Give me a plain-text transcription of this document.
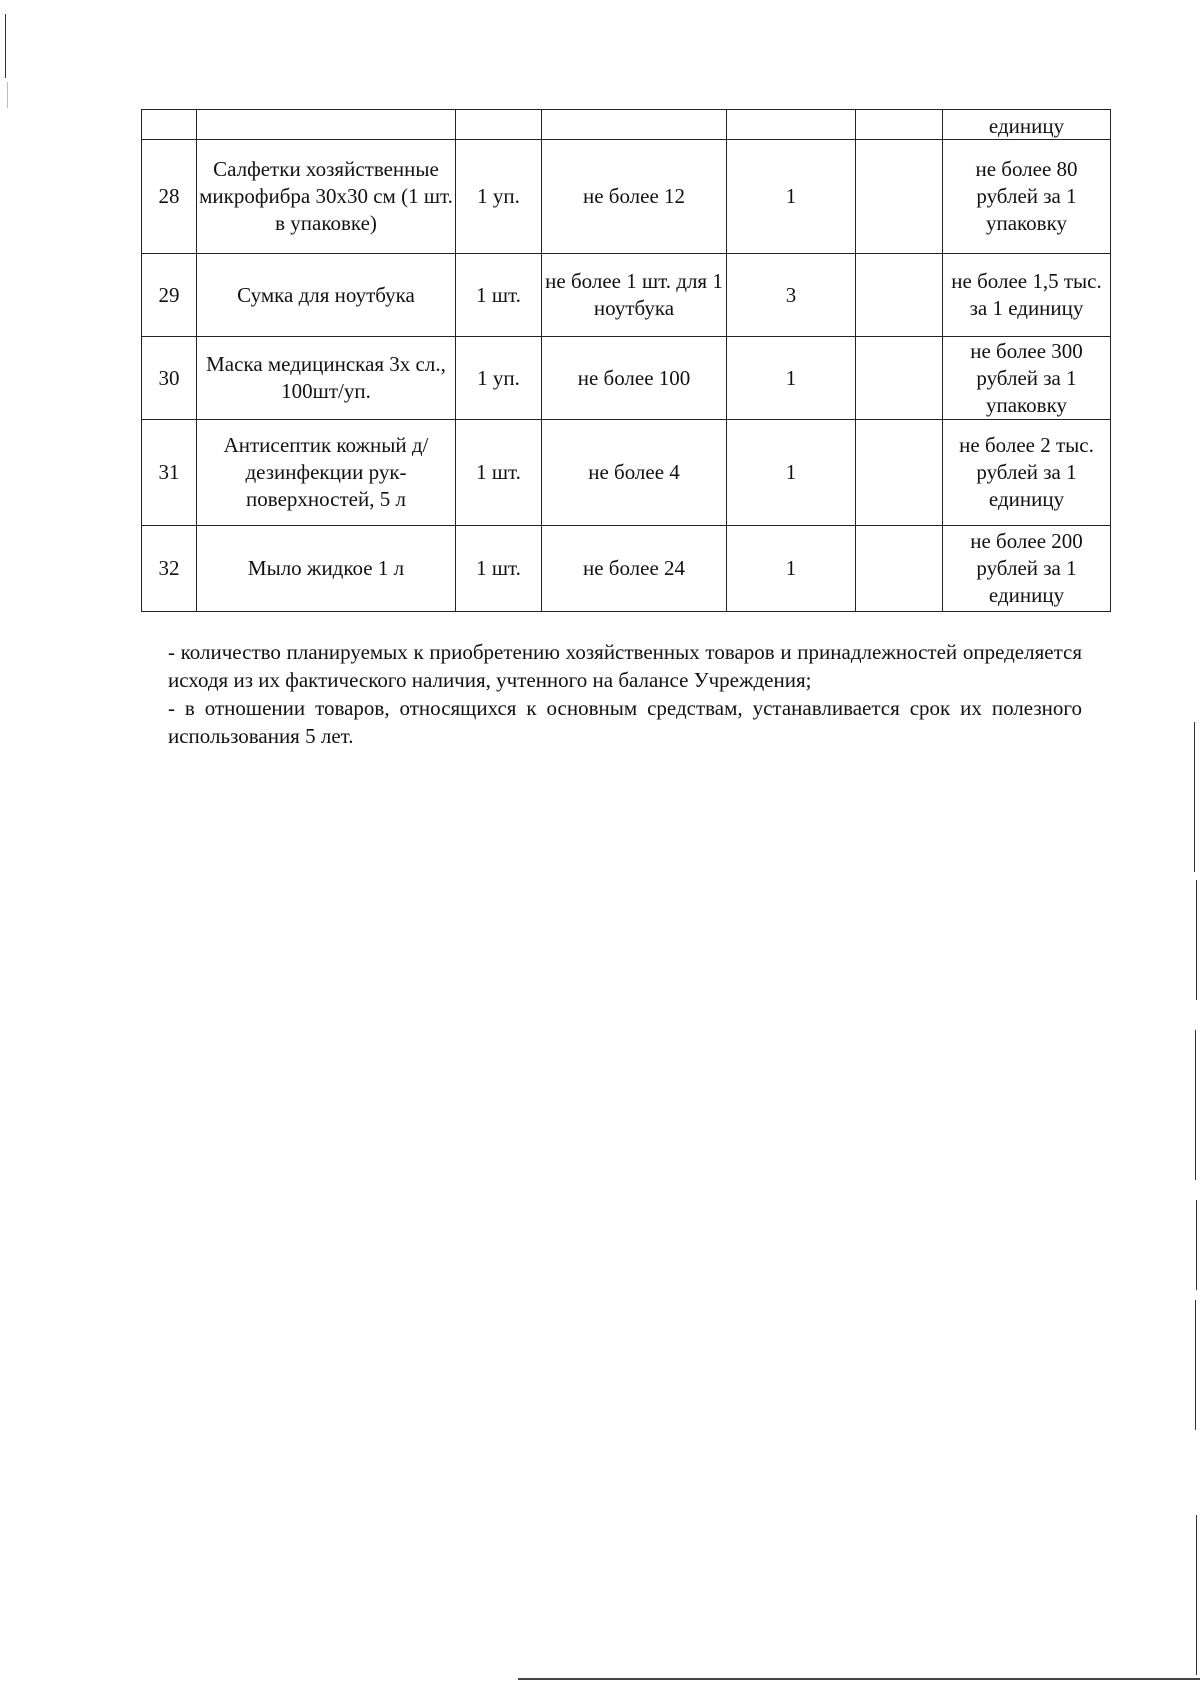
						единицу
28	Салфетки хозяйственные микрофибра 30х30 см (1 шт. в упаковке)	1 уп.	не более 12	1		не более 80 рублей за 1 упаковку
29	Сумка для ноутбука	1 шт.	не более 1 шт. для 1 ноутбука	3		не более 1,5 тыс. за 1 единицу
30	Маска медицинская 3х сл., 100шт/уп.	1 уп.	не более 100	1		не более 300 рублей за 1 упаковку
31	Антисептик кожный д/дезинфекции рук-поверхностей, 5 л	1 шт.	не более 4	1		не более 2 тыс. рублей за 1 единицу
32	Мыло жидкое 1 л	1 шт.	не более 24	1		не более 200 рублей за 1 единицу

- количество планируемых к приобретению хозяйственных товаров и принадлежностей определяется исходя из их фактического наличия, учтенного на балансе Учреждения;

- в отношении товаров, относящихся к основным средствам, устанавливается срок их полезного использования 5 лет.
